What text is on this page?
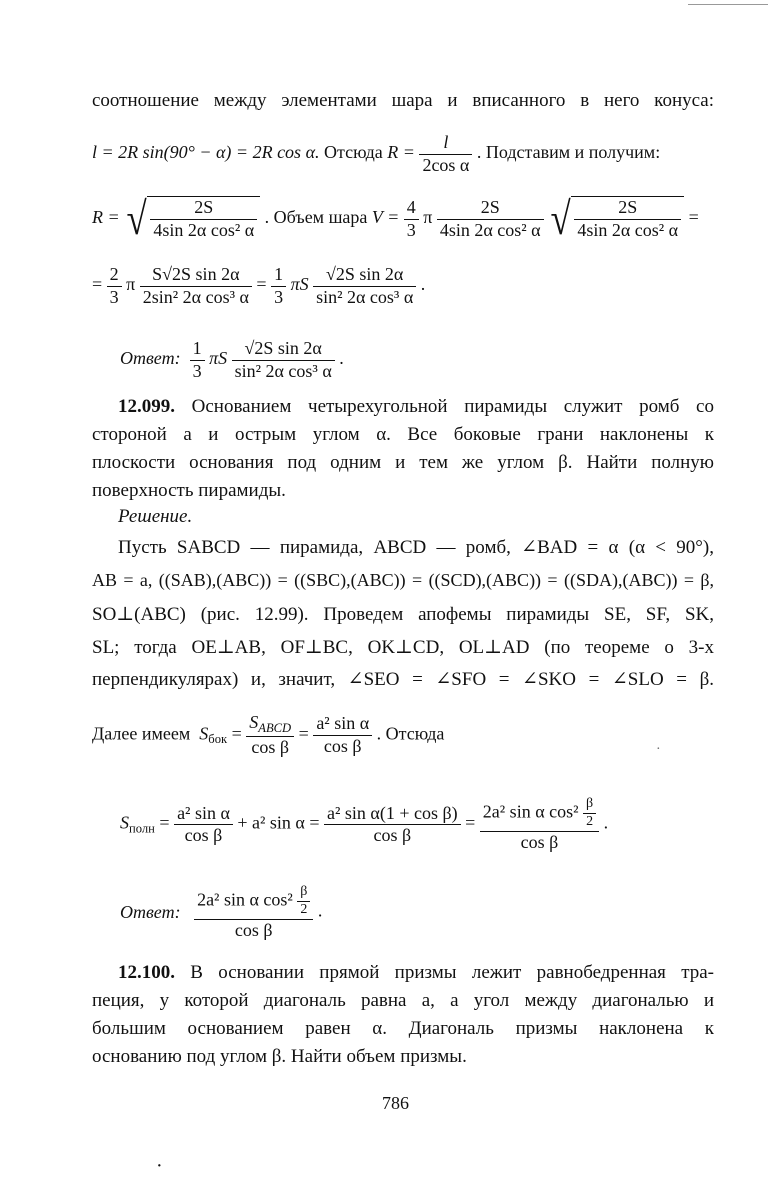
соотношение между элементами шара и вписанного в него конуса:
l = 2R sin(90° − α) = 2R cos α. Отсюда $R = \frac{l}{\text{2cos α}}$ . Подставим и получим:
R = √ $\frac{2S}{\text{4sin 2α cos² α}}$ . Объем шара $V = \frac{4}{3}$ π $\frac{2S}{\text{4sin 2α cos² α}}$
√ $\frac{2S}{\text{4sin 2α cos² α}}$ =
= $\frac{2}{3}$ π $\frac{\text{S√2S sin 2α}}{\text{2sin² 2α cos³ α}} = \frac{1}{3}$ πS $\frac{\text{√2S sin 2α}}{\text{sin² 2α cos³ α}}$ .
Ответ: $\frac{1}{3}$ πS $\frac{\text{√2S sin 2α}}{\text{sin² 2α cos³ α}}$ .
12.099. Основанием четырехугольной пирамиды служит ромб со
стороной a и острым углом α. Все боковые грани наклонены к
плоскости основания под одним и тем же углом β. Найти полную
поверхность пирамиды.
Решение.
Пусть SABCD — пирамида, ABCD — ромб, ∠BAD = α (α < 90°),
AB = a, ((SAB),(ABC)) = ((SBC),(ABC)) = ((SCD),(ABC)) = ((SDA),(ABC)) = β,
SO⊥(ABC) (рис. 12.99). Проведем апофемы пирамиды SE, SF, SK,
SL; тогда OE⊥AB, OF⊥BC, OK⊥CD, OL⊥AD (по теореме о 3-х
перпендикулярах) и, значит, ∠SEO = ∠SFO = ∠SKO = ∠SLO = β.
Далее имеем $S_{бок} = \frac{S_{ABCD}}{\text{cos β}} = \frac{\text{a² sin α}}{\text{cos β}}$ . Отсюда
·
$S_{полн} = \frac{\text{a² sin α}}{\text{cos β}} + a^2$ $\sin \alpha = \frac{\text{a² sin α(1 + cos β)}}{\text{cos β}} = \frac{2a^2 \sin \alpha \cos^2 \frac{\beta}{2}}{\text{cos β}}$ .
Ответ: $\frac{2a^2 \sin \alpha \cos^2 \frac{\beta}{2}}{\text{cos β}}$ .
12.100. В основании прямой призмы лежит равнобедренная тра-
пеция, у которой диагональ равна a, а угол между диагональю и
большим основанием равен α. Диагональ призмы наклонена к
основанию под углом β. Найти объем призмы.
786
·
